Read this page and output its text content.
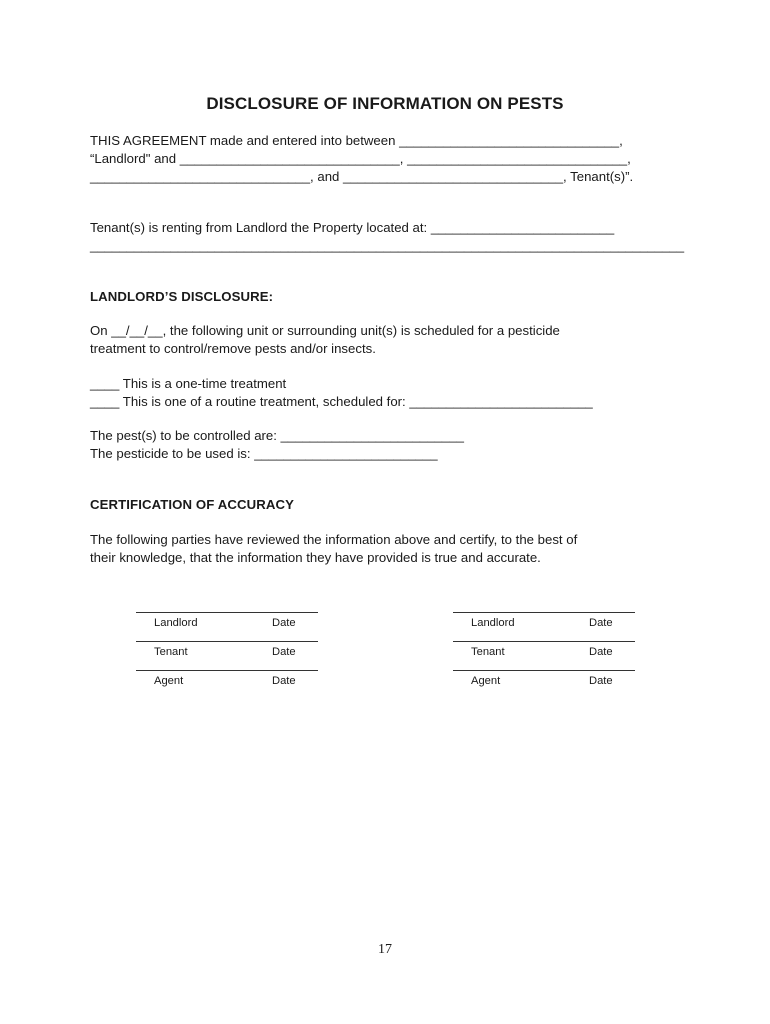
DISCLOSURE OF INFORMATION ON PESTS
THIS AGREEMENT made and entered into between ______________________________,
“Landlord" and ______________________________, ______________________________,
______________________________, and ______________________________, Tenant(s)”.
Tenant(s) is renting from Landlord the Property located at: _________________________
_________________________________________________________________________________
LANDLORD’S DISCLOSURE:
On __/__/__, the following unit or surrounding unit(s) is scheduled for a pesticide
treatment to control/remove pests and/or insects.
____ This is a one-time treatment
____ This is one of a routine treatment, scheduled for: _________________________
The pest(s) to be controlled are: _________________________
The pesticide to be used is: _________________________
CERTIFICATION OF ACCURACY
The following parties have reviewed the information above and certify, to the best of
their knowledge, that the information they have provided is true and accurate.
Landlord	Date
Tenant	Date
Agent	Date
Landlord	Date
Tenant	Date
Agent	Date
17
